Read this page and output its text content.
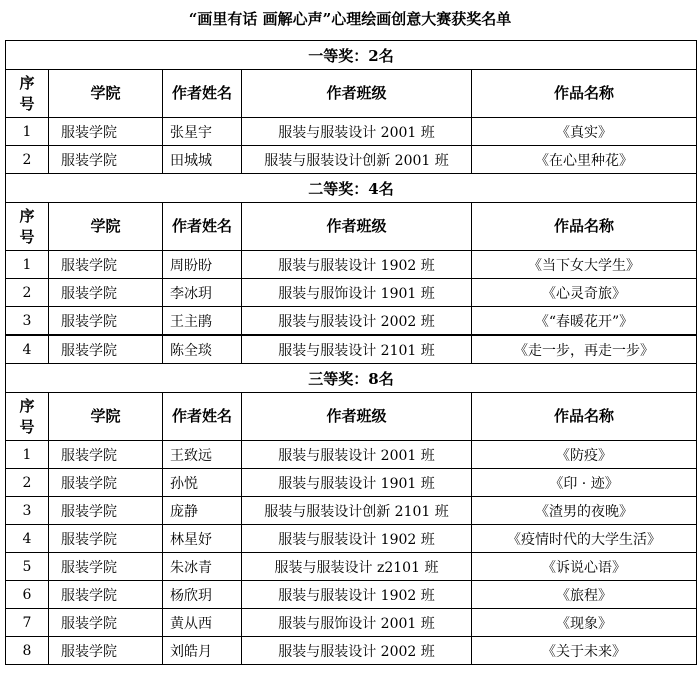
“画里有话 画解心声”心理绘画创意大赛获奖名单
一等奖：2名				
序号	学院	作者姓名	作者班级	作品名称
1	服装学院	张星宇	服装与服装设计 2001 班	《真实》
2	服装学院	田城城	服装与服装设计创新 2001 班	《在心里种花》
二等奖：4名				
序号	学院	作者姓名	作者班级	作品名称
1	服装学院	周盼盼	服装与服装设计 1902 班	《当下女大学生》
2	服装学院	李冰玥	服装与服饰设计 1901 班	《心灵奇旅》
3	服装学院	王主鹃	服装与服装设计 2002 班	《“春暖花开”》
4	服装学院	陈全琰	服装与服装设计 2101 班	《走一步，再走一步》
三等奖：8名				
序号	学院	作者姓名	作者班级	作品名称
1	服装学院	王致远	服装与服装设计 2001 班	《防疫》
2	服装学院	孙悦	服装与服装设计 1901 班	《印 · 迹》
3	服装学院	庞静	服装与服装设计创新 2101 班	《渣男的夜晚》
4	服装学院	林星妤	服装与服装设计 1902 班	《疫情时代的大学生活》
5	服装学院	朱冰青	服装与服装设计 z2101 班	《诉说心语》
6	服装学院	杨欣玥	服装与服装设计 1902 班	《旅程》
7	服装学院	黄从西	服装与服饰设计 2001 班	《现象》
8	服装学院	刘皓月	服装与服装设计 2002 班	《关于未来》
